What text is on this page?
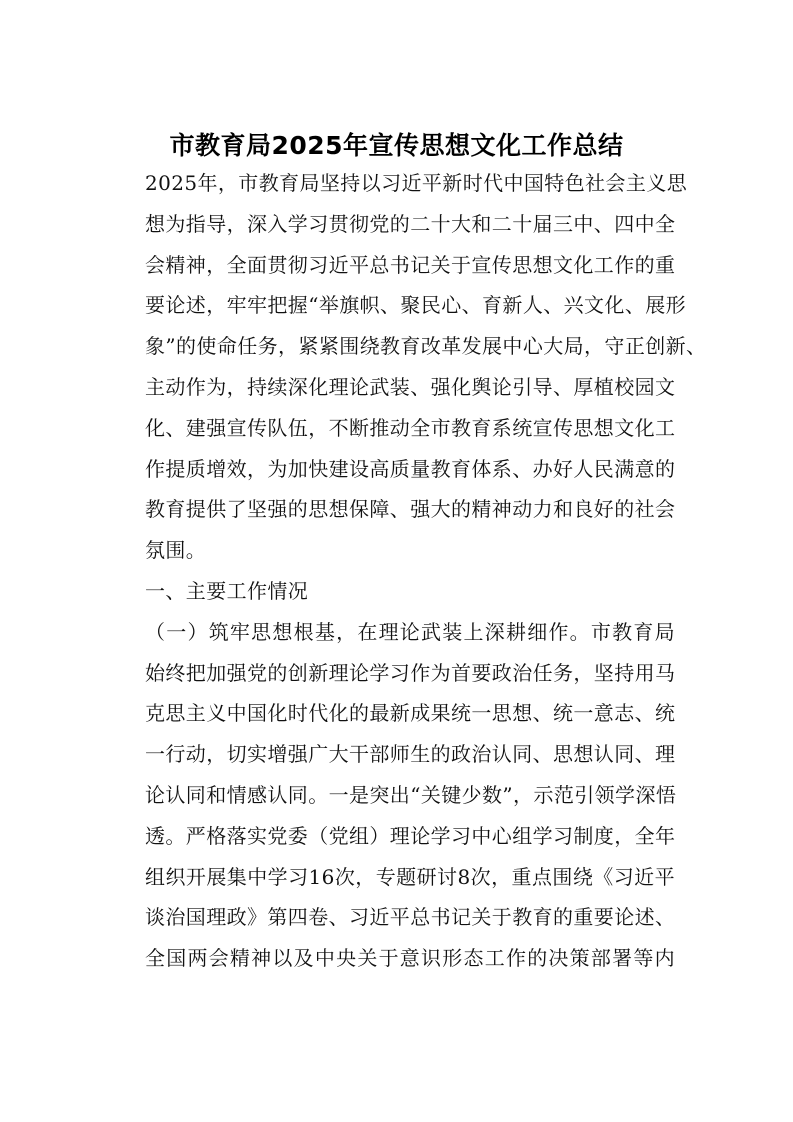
市教育局2025年宣传思想文化工作总结
2025年，市教育局坚持以习近平新时代中国特色社会主义思
想为指导，深入学习贯彻党的二十大和二十届三中、四中全
会精神，全面贯彻习近平总书记关于宣传思想文化工作的重
要论述，牢牢把握“举旗帜、聚民心、育新人、兴文化、展形
象”的使命任务，紧紧围绕教育改革发展中心大局，守正创新、
主动作为，持续深化理论武装、强化舆论引导、厚植校园文
化、建强宣传队伍，不断推动全市教育系统宣传思想文化工
作提质增效，为加快建设高质量教育体系、办好人民满意的
教育提供了坚强的思想保障、强大的精神动力和良好的社会
氛围。
一、主要工作情况
（一）筑牢思想根基，在理论武装上深耕细作。市教育局
始终把加强党的创新理论学习作为首要政治任务，坚持用马
克思主义中国化时代化的最新成果统一思想、统一意志、统
一行动，切实增强广大干部师生的政治认同、思想认同、理
论认同和情感认同。一是突出“关键少数”，示范引领学深悟
透。严格落实党委（党组）理论学习中心组学习制度，全年
组织开展集中学习16次，专题研讨8次，重点围绕《习近平
谈治国理政》第四卷、习近平总书记关于教育的重要论述、
全国两会精神以及中央关于意识形态工作的决策部署等内
